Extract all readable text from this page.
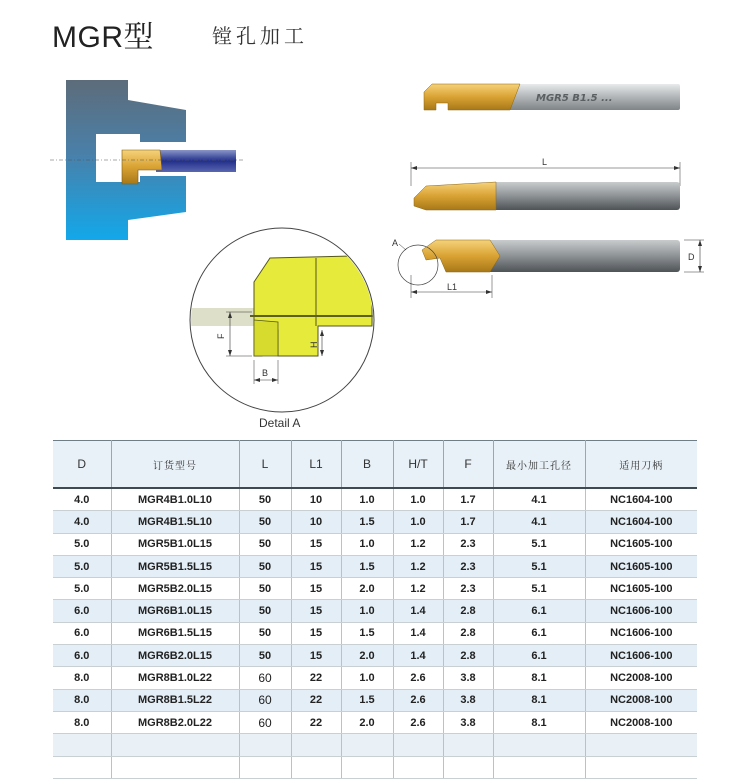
MGR型	镗孔加工
MGR5 B1.5 ...
L
A
D
L1
F
H
B
Detail A
D	订货型号	L	L1	B	H/T	F	最小加工孔径	适用刀柄
4.0	MGR4B1.0L10	50	10	1.0	1.0	1.7	4.1	NC1604-100
4.0	MGR4B1.5L10	50	10	1.5	1.0	1.7	4.1	NC1604-100
5.0	MGR5B1.0L15	50	15	1.0	1.2	2.3	5.1	NC1605-100
5.0	MGR5B1.5L15	50	15	1.5	1.2	2.3	5.1	NC1605-100
5.0	MGR5B2.0L15	50	15	2.0	1.2	2.3	5.1	NC1605-100
6.0	MGR6B1.0L15	50	15	1.0	1.4	2.8	6.1	NC1606-100
6.0	MGR6B1.5L15	50	15	1.5	1.4	2.8	6.1	NC1606-100
6.0	MGR6B2.0L15	50	15	2.0	1.4	2.8	6.1	NC1606-100
8.0	MGR8B1.0L22	60	22	1.0	2.6	3.8	8.1	NC2008-100
8.0	MGR8B1.5L22	60	22	1.5	2.6	3.8	8.1	NC2008-100
8.0	MGR8B2.0L22	60	22	2.0	2.6	3.8	8.1	NC2008-100
